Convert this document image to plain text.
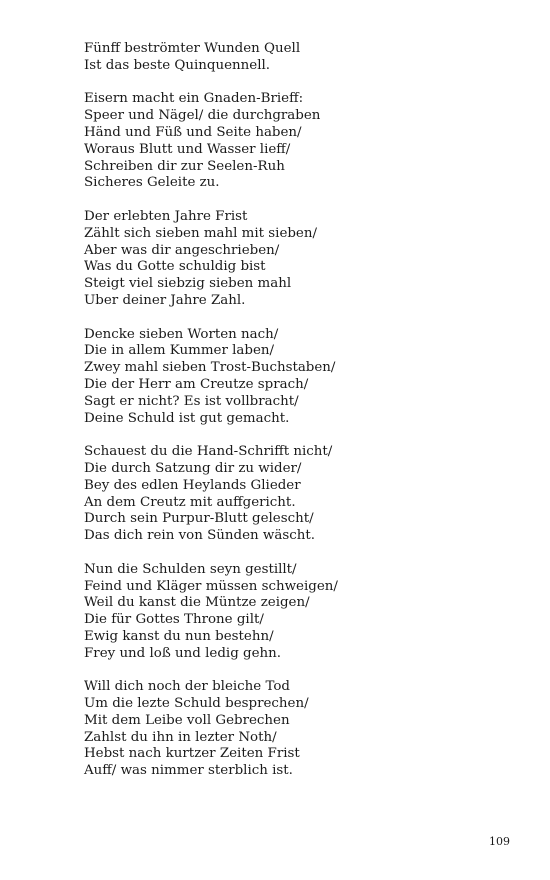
Fünff beströmter Wunden Quell
Ist das beste Quinquennell.
Eisern macht ein Gnaden-Brieff:
Speer und Nägel/ die durchgraben
Händ und Füß und Seite haben/
Woraus Blutt und Wasser lieff/
Schreiben dir zur Seelen-Ruh
Sicheres Geleite zu.
Der erlebten Jahre Frist
Zählt sich sieben mahl mit sieben/
Aber was dir angeschrieben/
Was du Gotte schuldig bist
Steigt viel siebzig sieben mahl
Uber deiner Jahre Zahl.
Dencke sieben Worten nach/
Die in allem Kummer laben/
Zwey mahl sieben Trost-Buchstaben/
Die der Herr am Creutze sprach/
Sagt er nicht? Es ist vollbracht/
Deine Schuld ist gut gemacht.
Schauest du die Hand-Schrifft nicht/
Die durch Satzung dir zu wider/
Bey des edlen Heylands Glieder
An dem Creutz mit auffgericht.
Durch sein Purpur-Blutt gelescht/
Das dich rein von Sünden wäscht.
Nun die Schulden seyn gestillt/
Feind und Kläger müssen schweigen/
Weil du kanst die Müntze zeigen/
Die für Gottes Throne gilt/
Ewig kanst du nun bestehn/
Frey und loß und ledig gehn.
Will dich noch der bleiche Tod
Um die lezte Schuld besprechen/
Mit dem Leibe voll Gebrechen
Zahlst du ihn in lezter Noth/
Hebst nach kurtzer Zeiten Frist
Auff/ was nimmer sterblich ist.
109
